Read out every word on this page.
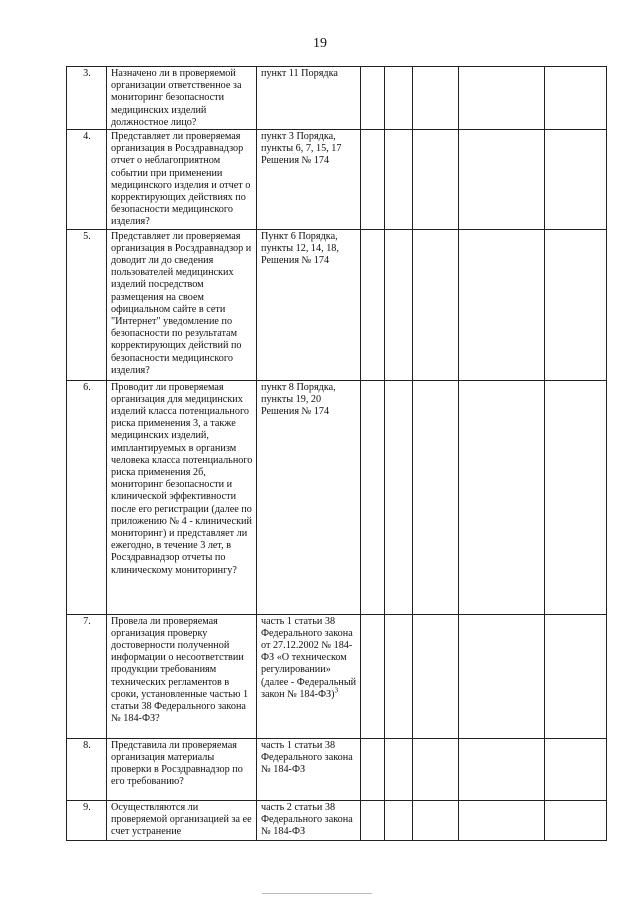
19
3.	Назначено ли в проверяемой организации ответственное за мониторинг безопасности медицинских изделий должностное лицо?	пункт 11 Порядка					
4.	Представляет ли проверяемая организация в Росздравнадзор отчет о неблагоприятном событии при применении медицинского изделия и отчет о корректирующих действиях по безопасности медицинского изделия?	пункт 3 Порядка, пункты 6, 7, 15, 17 Решения № 174					
5.	Представляет ли проверяемая организация в Росздравнадзор и доводит ли до сведения пользователей медицинских изделий посредством размещения на своем официальном сайте в сети "Интернет" уведомление по безопасности по результатам корректирующих действий по безопасности медицинского изделия?	Пункт 6 Порядка, пункты 12, 14, 18, Решения № 174					
6.	Проводит ли проверяемая организация для медицинских изделий класса потенциального риска применения 3, а также медицинских изделий, имплантируемых в организм человека класса потенциального риска применения 2б, мониторинг безопасности и клинической эффективности после его регистрации (далее по приложению № 4 - клинический мониторинг) и представляет ли ежегодно, в течение 3 лет, в Росздравнадзор отчеты по клиническому мониторингу?	пункт 8 Порядка, пункты 19, 20 Решения № 174					
7.	Провела ли проверяемая организация проверку достоверности полученной информации о несоответствии продукции требованиям технических регламентов в сроки, установленные частью 1 статьи 38 Федерального закона № 184-ФЗ?	часть 1 статьи 38 Федерального закона от 27.12.2002 № 184-ФЗ «О техническом регулировании» (далее - Федеральный закон № 184-ФЗ)$^3$					
8.	Представила ли проверяемая организация материалы проверки в Росздравнадзор по его требованию?	часть 1 статьи 38 Федерального закона № 184-ФЗ					
9.	Осуществляются ли проверяемой организацией за ее счет устранение	часть 2 статьи 38 Федерального закона № 184-ФЗ					
